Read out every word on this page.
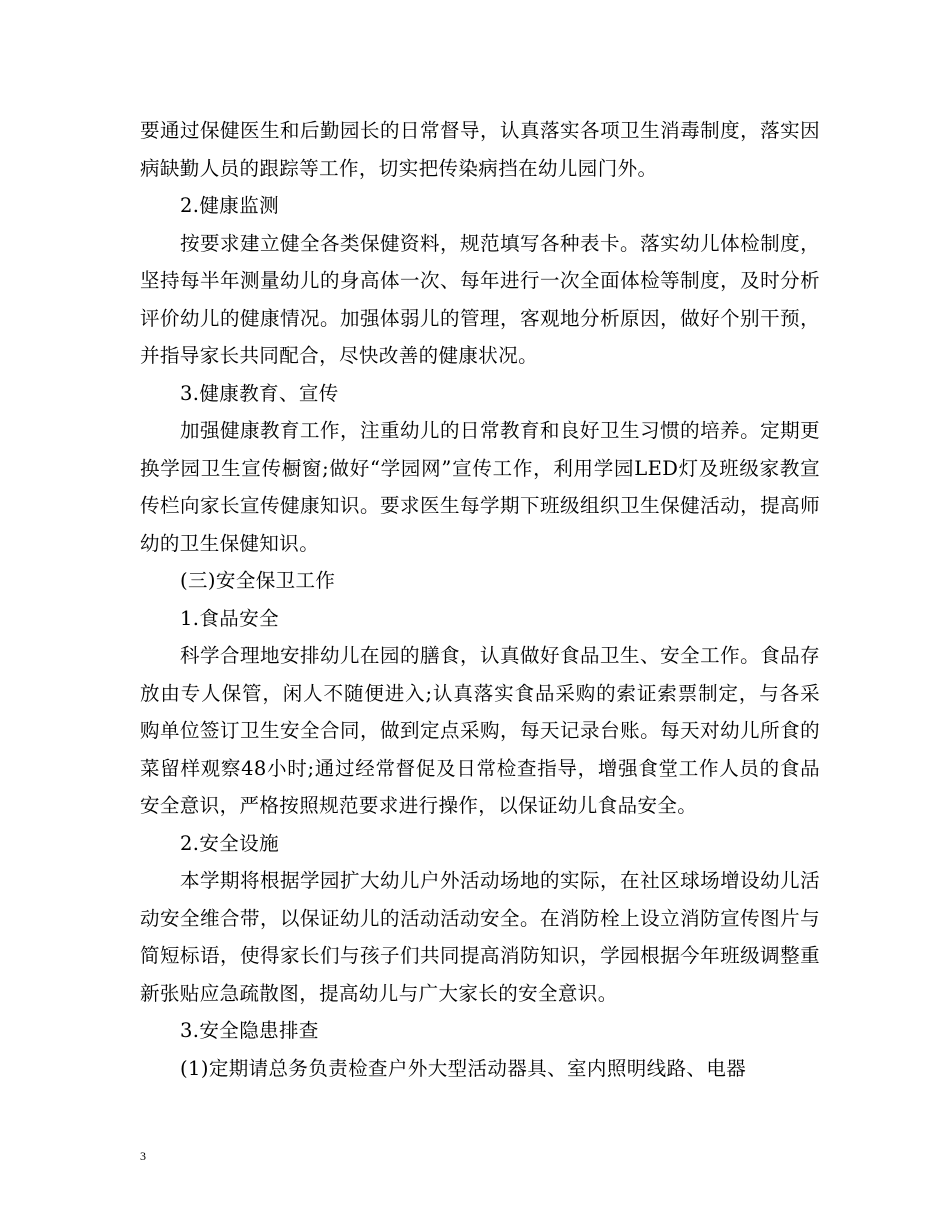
要通过保健医生和后勤园长的日常督导，认真落实各项卫生消毒制度，落实因病缺勤人员的跟踪等工作，切实把传染病挡在幼儿园门外。

2.健康监测

按要求建立健全各类保健资料，规范填写各种表卡。落实幼儿体检制度，坚持每半年测量幼儿的身高体一次、每年进行一次全面体检等制度，及时分析评价幼儿的健康情况。加强体弱儿的管理，客观地分析原因，做好个别干预，并指导家长共同配合，尽快改善的健康状况。

3.健康教育、宣传

加强健康教育工作，注重幼儿的日常教育和良好卫生习惯的培养。定期更换学园卫生宣传橱窗;做好“学园网”宣传工作，利用学园LED灯及班级家教宣传栏向家长宣传健康知识。要求医生每学期下班级组织卫生保健活动，提高师幼的卫生保健知识。

(三)安全保卫工作

1.食品安全

科学合理地安排幼儿在园的膳食，认真做好食品卫生、安全工作。食品存放由专人保管，闲人不随便进入;认真落实食品采购的索证索票制定，与各采购单位签订卫生安全合同，做到定点采购，每天记录台账。每天对幼儿所食的菜留样观察48小时;通过经常督促及日常检查指导，增强食堂工作人员的食品安全意识，严格按照规范要求进行操作，以保证幼儿食品安全。

2.安全设施

本学期将根据学园扩大幼儿户外活动场地的实际，在社区球场增设幼儿活动安全维合带，以保证幼儿的活动活动安全。在消防栓上设立消防宣传图片与简短标语，使得家长们与孩子们共同提高消防知识，学园根据今年班级调整重新张贴应急疏散图，提高幼儿与广大家长的安全意识。

3.安全隐患排查

(1)定期请总务负责检查户外大型活动器具、室内照明线路、电器

3
